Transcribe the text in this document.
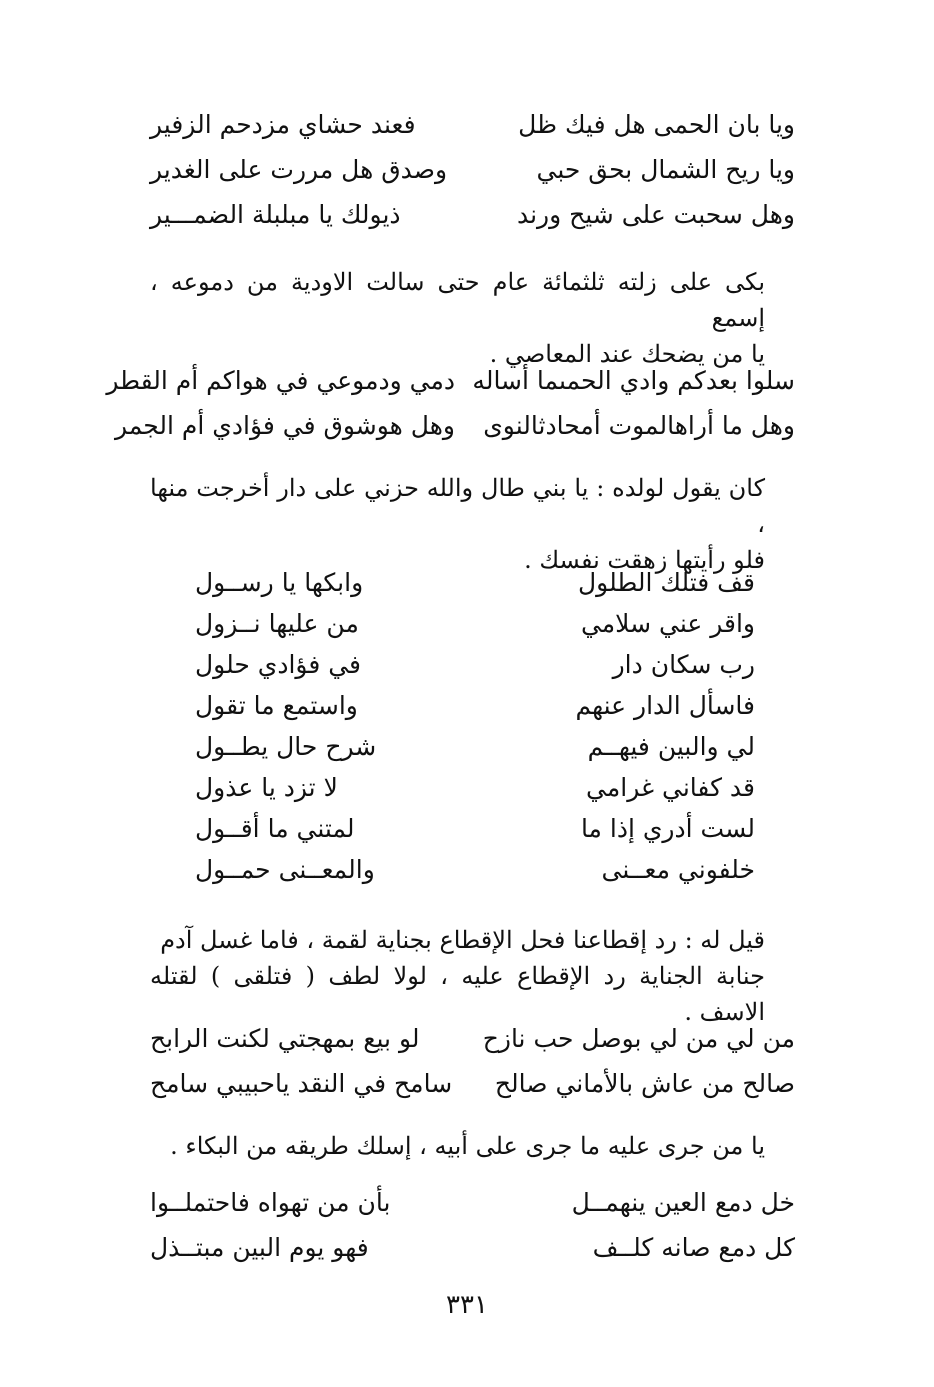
ويا بان الحمى هل فيك ظل
فعند حشاي مزدحم الزفير
ويا ريح الشمال بحق حبي
وصدق هل مررت على الغدير
وهل سحبت على شيح ورند
ذيولك يا مبلبلة الضمـــير

بكى على زلته ثلثمائة عام حتى سالت الاودية من دموعه ، إسمع

يا من يضحك عند المعاصي .

سلوا بعدكم وادي الحمىما أساله
دمي ودموعي في هواكم أم القطر
وهل ما أراهالموت أمحادثالنوى
وهل هوشوق في فؤادي أم الجمر

كان يقول لولده : يا بني طال والله حزني على دار أخرجت منها ،

فلو رأيتها زهقت نفسك .

قف فتلك الطلول
وابكها يا رســول
واقر عني سلامي
من عليها نــزول
رب سكان دار
في فؤادي حلول
فاسأل الدار عنهم
واستمع ما تقول
لي والبين فيهــم
شرح حال يطــول
قد كفاني غرامي
لا تزد يا عذول
لست أدري إذا ما
لمتني ما أقــول
خلفوني معــنى
والمعــنى حمــول

قيل له : رد إقطاعنا فحل الإقطاع بجناية لقمة ، فاما غسل آدم

جنابة الجناية رد الإقطاع عليه ، لولا لطف ( فتلقى ) لقتله الاسف .

من لي من لي بوصل حب نازح
لو بيع بمهجتي لكنت الرابح
صالح من عاش بالأماني صالح
سامح في النقد ياحبيبي سامح

يا من جرى عليه ما جرى على أبيه ، إسلك طريقه من البكاء .

خل دمع العين ينهمــل
بأن من تهواه فاحتملــوا
كل دمع صانه كلــف
فهو يوم البين مبتــذل
٣٣١
